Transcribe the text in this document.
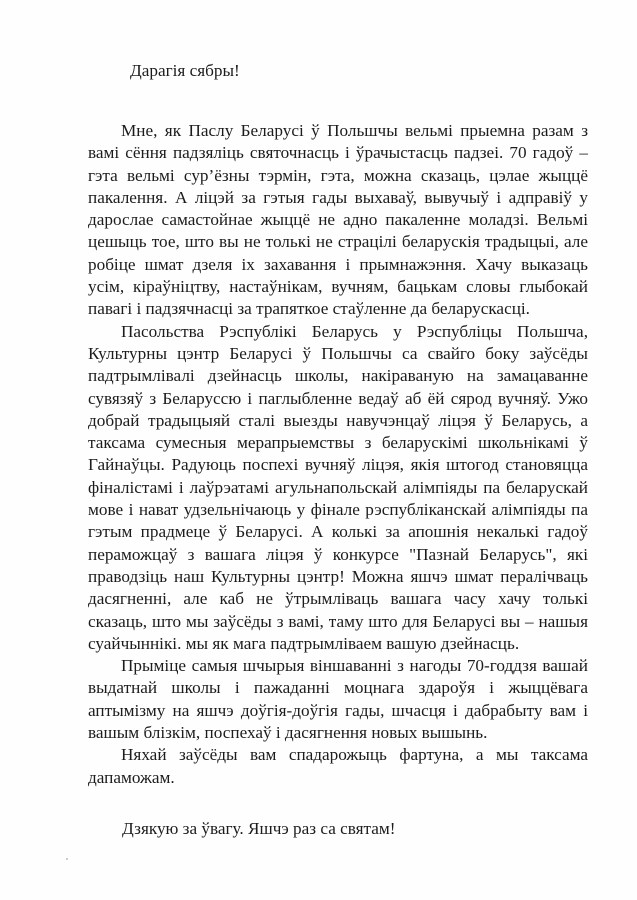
Дарагія сябры!

Мне, як Паслу Беларусі ў Польшчы вельмі прыемна разам з вамі сёння падзяліць святочнасць і ўрачыстасць падзеі. 70 гадоў – гэта вельмі сур’ёзны тэрмін, гэта, можна сказаць, цэлае жыццё пакалення. А ліцэй за гэтыя гады выхаваў, вывучыў і адправіў у дарослае самастойнае жыццё не адно пакаленне моладзі. Вельмі цешыць тое, што вы не толькі не страцілі беларускія традыцыі, але робіце шмат дзеля іх захавання і прымнажэння. Хачу выказаць усім, кіраўніцтву, настаўнікам, вучням, бацькам словы глыбокай павагі і падзячнасці за трапяткое стаўленне да беларускасці.

Пасольства Рэспублікі Беларусь у Рэспубліцы Польшча, Культурны цэнтр Беларусі ў Польшчы са свайго боку заўсёды падтрымлівалі дзейнасць школы, накіраваную на замацаванне сувязяў з Беларуссю і паглыбленне ведаў аб ёй сярод вучняў. Ужо добрай традыцыяй сталі выезды навучэнцаў ліцэя ў Беларусь, а таксама сумесныя мерапрыемствы з беларускімі школьнікамі ў Гайнаўцы. Радуюць поспехі вучняў ліцэя, якія штогод становяцца фіналістамі і лаўрэатамі агульнапольскай алімпіяды па беларускай мове і нават удзельнічаюць у фінале рэспубліканскай алімпіяды па гэтым прадмеце ў Беларусі. А колькі за апошнія некалькі гадоў пераможцаў з вашага ліцэя ў конкурсе "Пазнай Беларусь", які праводзіць наш Культурны цэнтр! Можна яшчэ шмат пералічваць дасягненні, але каб не ўтрымліваць вашага часу хачу толькі сказаць, што мы заўсёды з вамі, таму што для Беларусі вы – нашыя суайчыннікі. мы як мага падтрымліваем вашую дзейнасць.

Прыміце самыя шчырыя віншаванні з нагоды 70-годдзя вашай выдатнай школы і пажаданні моцнага здароўя і жыццёвага аптымізму на яшчэ доўгія-доўгія гады, шчасця і дабрабыту вам і вашым блізкім, поспехаў і дасягнення новых вышынь.

Няхай заўсёды вам спадарожыць фартуна, а мы таксама дапаможам.

Дзякую за ўвагу. Яшчэ раз са святам!
